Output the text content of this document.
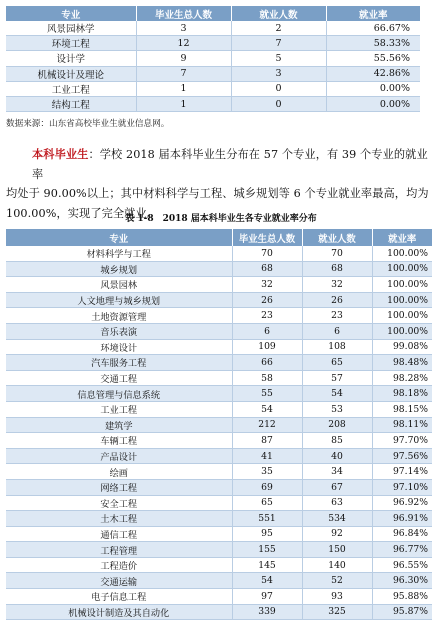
专业	毕业生总人数	就业人数	就业率
风景园林学	3	2	66.67%
环境工程	12	7	58.33%
设计学	9	5	55.56%
机械设计及理论	7	3	42.86%
工业工程	1	0	0.00%
结构工程	1	0	0.00%
数据来源：山东省高校毕业生就业信息网。
本科毕业生：学校 2018 届本科毕业生分布在 57 个专业，有 39 个专业的就业率
均处于 90.00%以上；其中材料科学与工程、城乡规划等 6 个专业就业率最高，均为
100.00%，实现了完全就业。
表 1-8　2018 届本科毕业生各专业就业率分布
专业	毕业生总人数	就业人数	就业率
材料科学与工程	70	70	100.00%
城乡规划	68	68	100.00%
风景园林	32	32	100.00%
人文地理与城乡规划	26	26	100.00%
土地资源管理	23	23	100.00%
音乐表演	6	6	100.00%
环境设计	109	108	99.08%
汽车服务工程	66	65	98.48%
交通工程	58	57	98.28%
信息管理与信息系统	55	54	98.18%
工业工程	54	53	98.15%
建筑学	212	208	98.11%
车辆工程	87	85	97.70%
产品设计	41	40	97.56%
绘画	35	34	97.14%
网络工程	69	67	97.10%
安全工程	65	63	96.92%
土木工程	551	534	96.91%
通信工程	95	92	96.84%
工程管理	155	150	96.77%
工程造价	145	140	96.55%
交通运输	54	52	96.30%
电子信息工程	97	93	95.88%
机械设计制造及其自动化	339	325	95.87%
